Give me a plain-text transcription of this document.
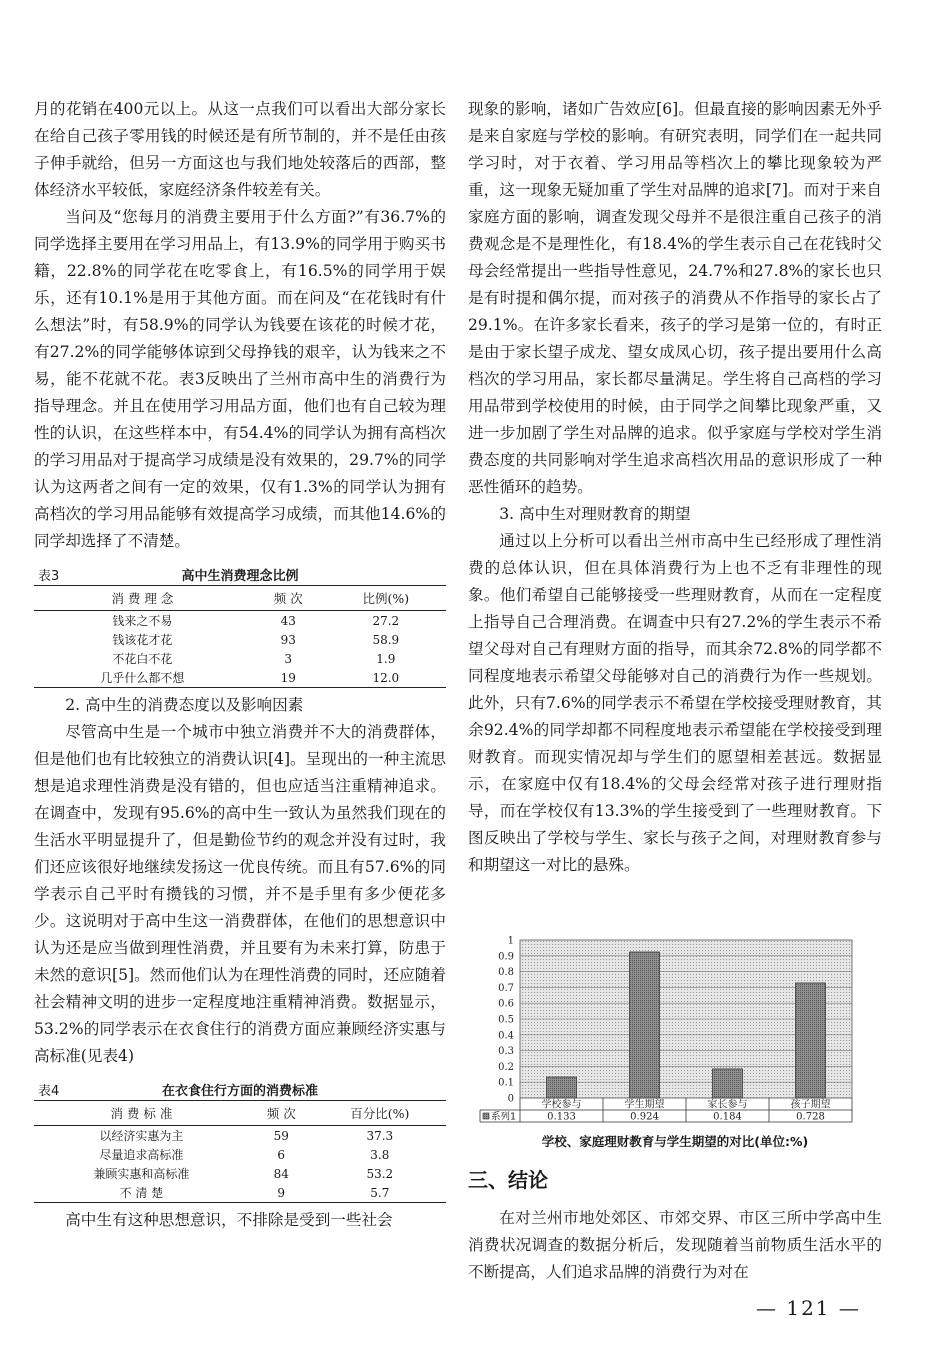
月的花销在400元以上。从这一点我们可以看出大部分家长在给自己孩子零用钱的时候还是有所节制的，并不是任由孩子伸手就给，但另一方面这也与我们地处较落后的西部，整体经济水平较低，家庭经济条件较差有关。

当问及“您每月的消费主要用于什么方面?”有36.7%的同学选择主要用在学习用品上，有13.9%的同学用于购买书籍，22.8%的同学花在吃零食上，有16.5%的同学用于娱乐，还有10.1%是用于其他方面。而在问及“在花钱时有什么想法”时，有58.9%的同学认为钱要在该花的时候才花，有27.2%的同学能够体谅到父母挣钱的艰辛，认为钱来之不易，能不花就不花。表3反映出了兰州市高中生的消费行为指导理念。并且在使用学习用品方面，他们也有自己较为理性的认识，在这些样本中，有54.4%的同学认为拥有高档次的学习用品对于提高学习成绩是没有效果的，29.7%的同学认为这两者之间有一定的效果，仅有1.3%的同学认为拥有高档次的学习用品能够有效提高学习成绩，而其他14.6%的同学却选择了不清楚。

表3	高中生消费理念比例
消 费 理 念	频 次	比例(%)
钱来之不易	43	27.2
钱该花才花	93	58.9
不花白不花	3	1.9
几乎什么都不想	19	12.0

2. 高中生的消费态度以及影响因素

尽管高中生是一个城市中独立消费并不大的消费群体，但是他们也有比较独立的消费认识[4]。呈现出的一种主流思想是追求理性消费是没有错的，但也应适当注重精神追求。在调查中，发现有95.6%的高中生一致认为虽然我们现在的生活水平明显提升了，但是勤俭节约的观念并没有过时，我们还应该很好地继续发扬这一优良传统。而且有57.6%的同学表示自己平时有攒钱的习惯，并不是手里有多少便花多少。这说明对于高中生这一消费群体，在他们的思想意识中认为还是应当做到理性消费，并且要有为未来打算，防患于未然的意识[5]。然而他们认为在理性消费的同时，还应随着社会精神文明的进步一定程度地注重精神消费。数据显示，53.2%的同学表示在衣食住行的消费方面应兼顾经济实惠与高标准(见表4)

表4	在衣食住行方面的消费标准
消 费 标 准	频 次	百分比(%)
以经济实惠为主	59	37.3
尽量追求高标准	6	3.8
兼顾实惠和高标准	84	53.2
不 清 楚	9	5.7

高中生有这种思想意识，不排除是受到一些社会

现象的影响，诸如广告效应[6]。但最直接的影响因素无外乎是来自家庭与学校的影响。有研究表明，同学们在一起共同学习时，对于衣着、学习用品等档次上的攀比现象较为严重，这一现象无疑加重了学生对品牌的追求[7]。而对于来自家庭方面的影响，调查发现父母并不是很注重自己孩子的消费观念是不是理性化，有18.4%的学生表示自己在花钱时父母会经常提出一些指导性意见，24.7%和27.8%的家长也只是有时提和偶尔提，而对孩子的消费从不作指导的家长占了29.1%。在许多家长看来，孩子的学习是第一位的，有时正是由于家长望子成龙、望女成凤心切，孩子提出要用什么高档次的学习用品，家长都尽量满足。学生将自己高档的学习用品带到学校使用的时候，由于同学之间攀比现象严重，又进一步加剧了学生对品牌的追求。似乎家庭与学校对学生消费态度的共同影响对学生追求高档次用品的意识形成了一种恶性循环的趋势。

3. 高中生对理财教育的期望

通过以上分析可以看出兰州市高中生已经形成了理性消费的总体认识，但在具体消费行为上也不乏有非理性的现象。他们希望自己能够接受一些理财教育，从而在一定程度上指导自己合理消费。在调查中只有27.2%的学生表示不希望父母对自己有理财方面的指导，而其余72.8%的同学都不同程度地表示希望父母能够对自己的消费行为作一些规划。此外，只有7.6%的同学表示不希望在学校接受理财教育，其余92.4%的同学却都不同程度地表示希望能在学校接受到理财教育。而现实情况却与学生们的愿望相差甚远。数据显示，在家庭中仅有18.4%的父母会经常对孩子进行理财指导，而在学校仅有13.3%的学生接受到了一些理财教育。下图反映出了学校与学生、家长与孩子之间，对理财教育参与和期望这一对比的悬殊。

0
0.1
0.2
0.3
0.4
0.5
0.6
0.7
0.8
0.9
1
学校参与	学生期望	家长参与	孩子期望
0.133	0.924	0.184	0.728
系列1
学校、家庭理财教育与学生期望的对比(单位:%)

三、结论

在对兰州市地处郊区、市郊交界、市区三所中学高中生消费状况调查的数据分析后，发现随着当前物质生活水平的不断提高，人们追求品牌的消费行为对在

— 121 —
